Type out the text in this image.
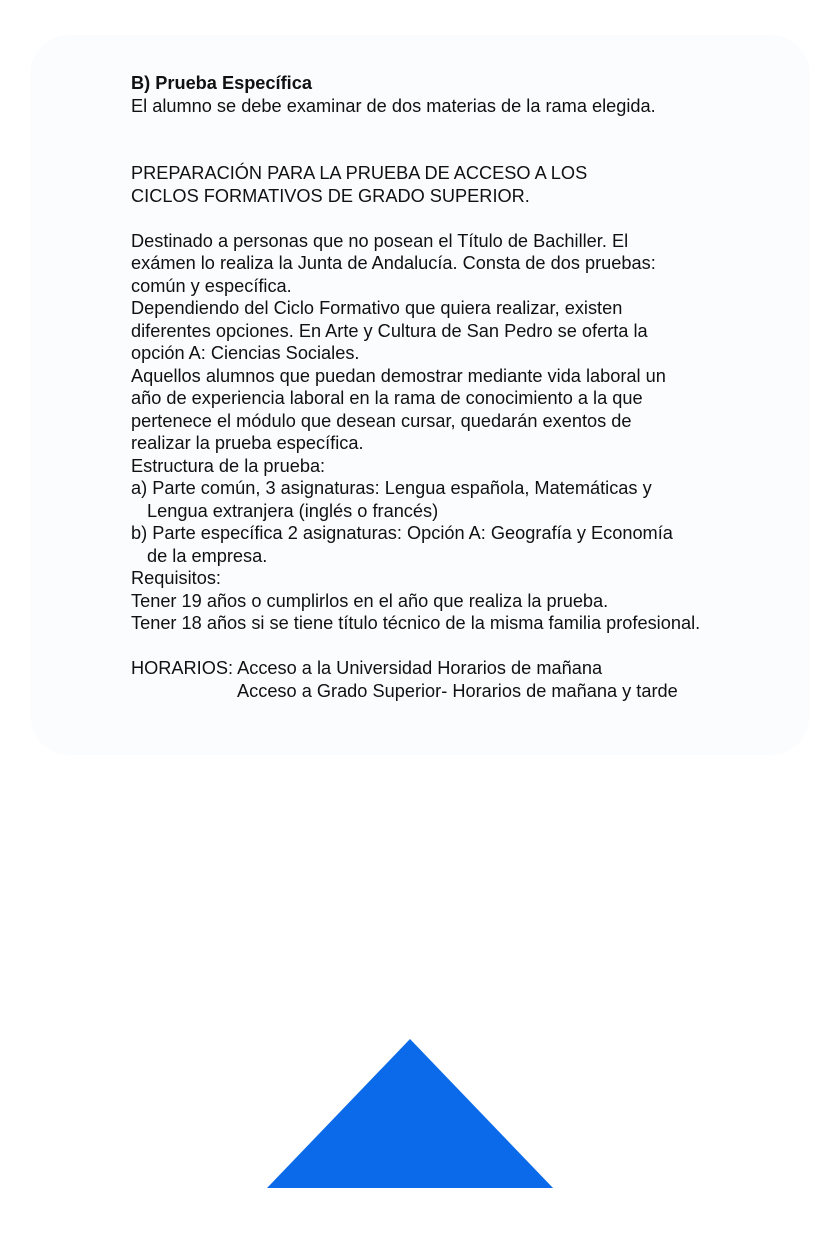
B) Prueba Específica
El alumno se debe examinar de dos materias de la rama elegida.
PREPARACIÓN PARA LA PRUEBA DE ACCESO A LOS
CICLOS FORMATIVOS DE GRADO SUPERIOR.
Destinado a personas que no posean el Título de Bachiller. El
exámen lo realiza la Junta de Andalucía. Consta de dos pruebas:
común y específica.
Dependiendo del Ciclo Formativo que quiera realizar, existen
diferentes opciones. En Arte y Cultura de San Pedro se oferta la
opción A: Ciencias Sociales.
Aquellos alumnos que puedan demostrar mediante vida laboral un
año de experiencia laboral en la rama de conocimiento a la que
pertenece el módulo que desean cursar, quedarán exentos de
realizar la prueba específica.
Estructura de la prueba:
a) Parte común, 3 asignaturas: Lengua española, Matemáticas y
Lengua extranjera (inglés o francés)
b) Parte específica 2 asignaturas: Opción A: Geografía y Economía
de la empresa.
Requisitos:
Tener 19 años o cumplirlos en el año que realiza la prueba.
Tener 18 años si se tiene título técnico de la misma familia profesional.
HORARIOS: Acceso a la Universidad Horarios de mañana
Acceso a Grado Superior- Horarios de mañana y tarde
